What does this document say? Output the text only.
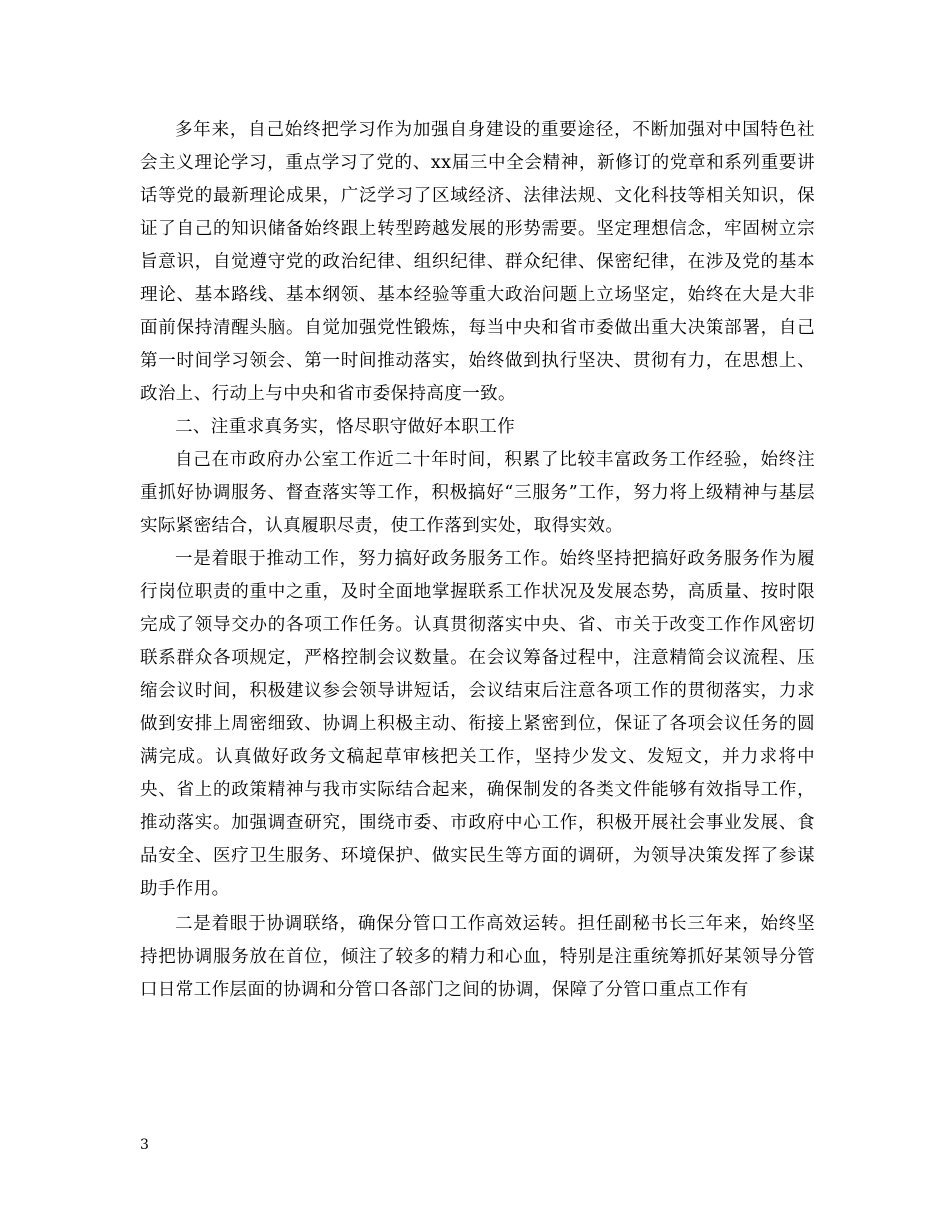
多年来，自己始终把学习作为加强自身建设的重要途径，不断加强对中国特色社会主义理论学习，重点学习了党的、xx届三中全会精神，新修订的党章和系列重要讲话等党的最新理论成果，广泛学习了区域经济、法律法规、文化科技等相关知识，保证了自己的知识储备始终跟上转型跨越发展的形势需要。坚定理想信念，牢固树立宗旨意识，自觉遵守党的政治纪律、组织纪律、群众纪律、保密纪律，在涉及党的基本理论、基本路线、基本纲领、基本经验等重大政治问题上立场坚定，始终在大是大非面前保持清醒头脑。自觉加强党性锻炼，每当中央和省市委做出重大决策部署，自己第一时间学习领会、第一时间推动落实，始终做到执行坚决、贯彻有力，在思想上、政治上、行动上与中央和省市委保持高度一致。

二、注重求真务实，恪尽职守做好本职工作

自己在市政府办公室工作近二十年时间，积累了比较丰富政务工作经验，始终注重抓好协调服务、督查落实等工作，积极搞好“三服务”工作，努力将上级精神与基层实际紧密结合，认真履职尽责，使工作落到实处，取得实效。

一是着眼于推动工作，努力搞好政务服务工作。始终坚持把搞好政务服务作为履行岗位职责的重中之重，及时全面地掌握联系工作状况及发展态势，高质量、按时限完成了领导交办的各项工作任务。认真贯彻落实中央、省、市关于改变工作作风密切联系群众各项规定，严格控制会议数量。在会议筹备过程中，注意精简会议流程、压缩会议时间，积极建议参会领导讲短话，会议结束后注意各项工作的贯彻落实，力求做到安排上周密细致、协调上积极主动、衔接上紧密到位，保证了各项会议任务的圆满完成。认真做好政务文稿起草审核把关工作，坚持少发文、发短文，并力求将中央、省上的政策精神与我市实际结合起来，确保制发的各类文件能够有效指导工作，推动落实。加强调查研究，围绕市委、市政府中心工作，积极开展社会事业发展、食品安全、医疗卫生服务、环境保护、做实民生等方面的调研，为领导决策发挥了参谋助手作用。

二是着眼于协调联络，确保分管口工作高效运转。担任副秘书长三年来，始终坚持把协调服务放在首位，倾注了较多的精力和心血，特别是注重统筹抓好某领导分管口日常工作层面的协调和分管口各部门之间的协调，保障了分管口重点工作有

3
